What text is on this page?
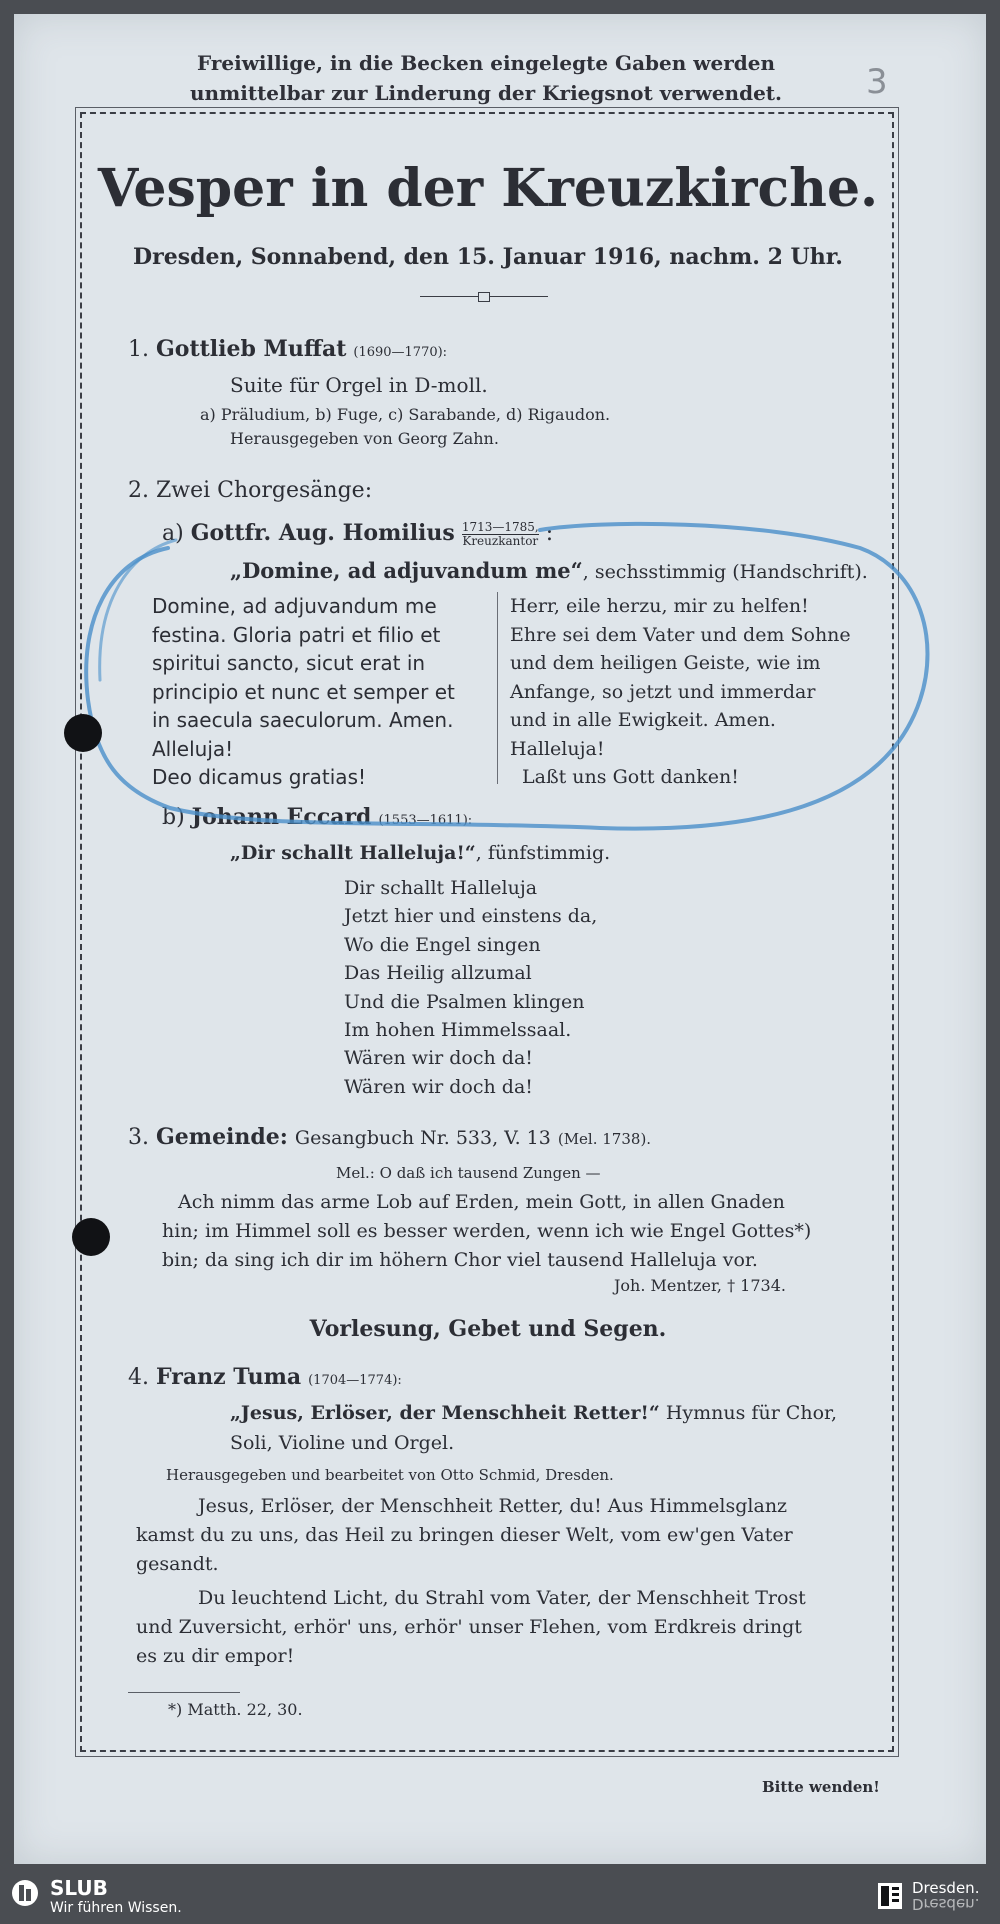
Freiwillige, in die Becken eingelegte Gaben werden
unmittelbar zur Linderung der Kriegsnot verwendet.	3
Vesper in der Kreuzkirche.
Dresden, Sonnabend, den 15. Januar 1916, nachm. 2 Uhr.
1. Gottlieb Muffat (1690—1770):
Suite für Orgel in D-moll.
a) Präludium, b) Fuge, c) Sarabande, d) Rigaudon.
Herausgegeben von Georg Zahn.
2. Zwei Chorgesänge:
a) Gottfr. Aug. Homilius 1713—1785,
Kreuzkantor :
„Domine, ad adjuvandum me“, sechsstimmig (Handschrift).
Domine, ad adjuvandum me
festina. Gloria patri et filio et
spiritui sancto, sicut erat in
principio et nunc et semper et
in saecula saeculorum. Amen.
Alleluja!
Deo dicamus gratias!
Herr, eile herzu, mir zu helfen!
Ehre sei dem Vater und dem Sohne
und dem heiligen Geiste, wie im
Anfange, so jetzt und immerdar
und in alle Ewigkeit. Amen.
Halleluja!
Laßt uns Gott danken!
b) Johann Eccard (1553—1611):
„Dir schallt Halleluja!“, fünfstimmig.
Dir schallt Halleluja
Jetzt hier und einstens da,
Wo die Engel singen
Das Heilig allzumal
Und die Psalmen klingen
Im hohen Himmelssaal.
Wären wir doch da!
Wären wir doch da!
3. Gemeinde: Gesangbuch Nr. 533, V. 13 (Mel. 1738).
Mel.: O daß ich tausend Zungen —
Ach nimm das arme Lob auf Erden, mein Gott, in allen Gnaden
hin; im Himmel soll es besser werden, wenn ich wie Engel Gottes*)
bin; da sing ich dir im höhern Chor viel tausend Halleluja vor.
Joh. Mentzer, † 1734.
Vorlesung, Gebet und Segen.
4. Franz Tuma (1704—1774):
„Jesus, Erlöser, der Menschheit Retter!“ Hymnus für Chor,
Soli, Violine und Orgel.
Herausgegeben und bearbeitet von Otto Schmid, Dresden.
Jesus, Erlöser, der Menschheit Retter, du! Aus Himmelsglanz
kamst du zu uns, das Heil zu bringen dieser Welt, vom ew'gen Vater
gesandt.
Du leuchtend Licht, du Strahl vom Vater, der Menschheit Trost
und Zuversicht, erhör' uns, erhör' unser Flehen, vom Erdkreis dringt
es zu dir empor!
*) Matth. 22, 30.
Bitte wenden!
SLUB
Wir führen Wissen.
Dresden.
Dresden.
